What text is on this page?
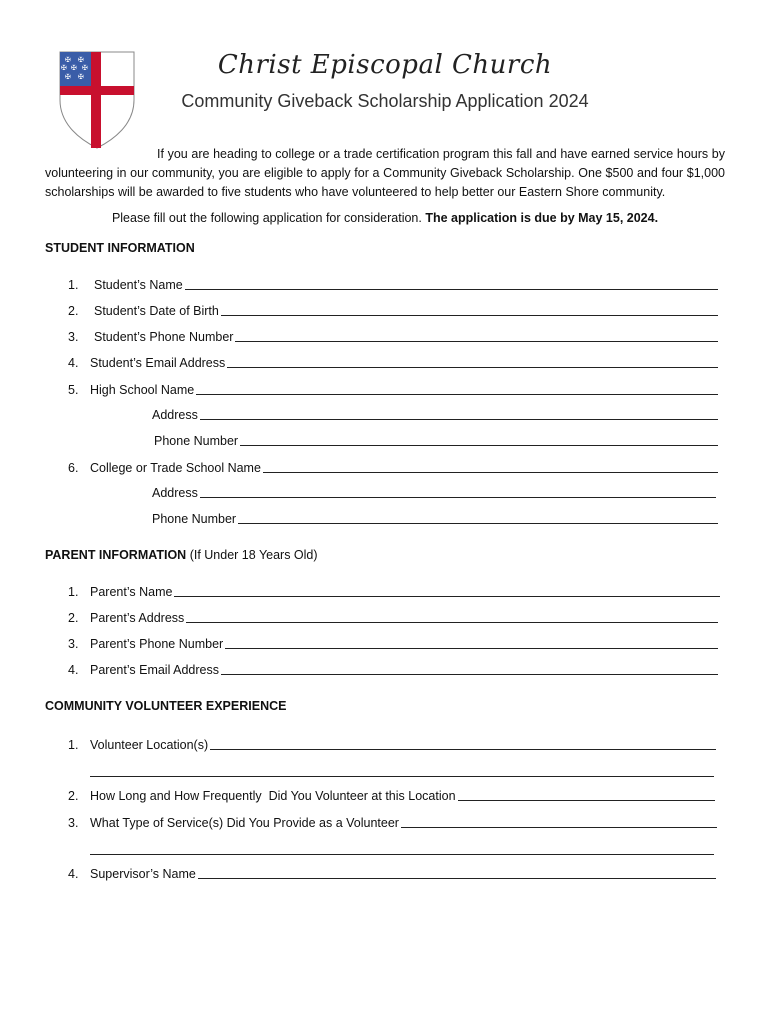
✠ ✠
✠
✠ ✠
✠ ✠	Christ Episcopal Church
Community Giveback Scholarship Application 2024
If you are heading to college or a trade certification program this fall and have earned service hours by volunteering in our community, you are eligible to apply for a Community Giveback Scholarship. One $500 and four $1,000 scholarships will be awarded to five students who have volunteered to help better our Eastern Shore community.
Please fill out the following application for consideration. The application is due by May 15, 2024.
STUDENT INFORMATION
1.	Student’s Name
2.	Student’s Date of Birth
3.	Student’s Phone Number
4. Student’s Email Address
5. High School Name
Address
Phone Number
6. College or Trade School Name
Address
Phone Number
PARENT INFORMATION (If Under 18 Years Old)
1. Parent’s Name
2. Parent’s Address
3. Parent’s Phone Number
4. Parent’s Email Address
COMMUNITY VOLUNTEER EXPERIENCE
1. Volunteer Location(s)
2. How Long and How Frequently  Did You Volunteer at this Location
3. What Type of Service(s) Did You Provide as a Volunteer
4. Supervisor’s Name
